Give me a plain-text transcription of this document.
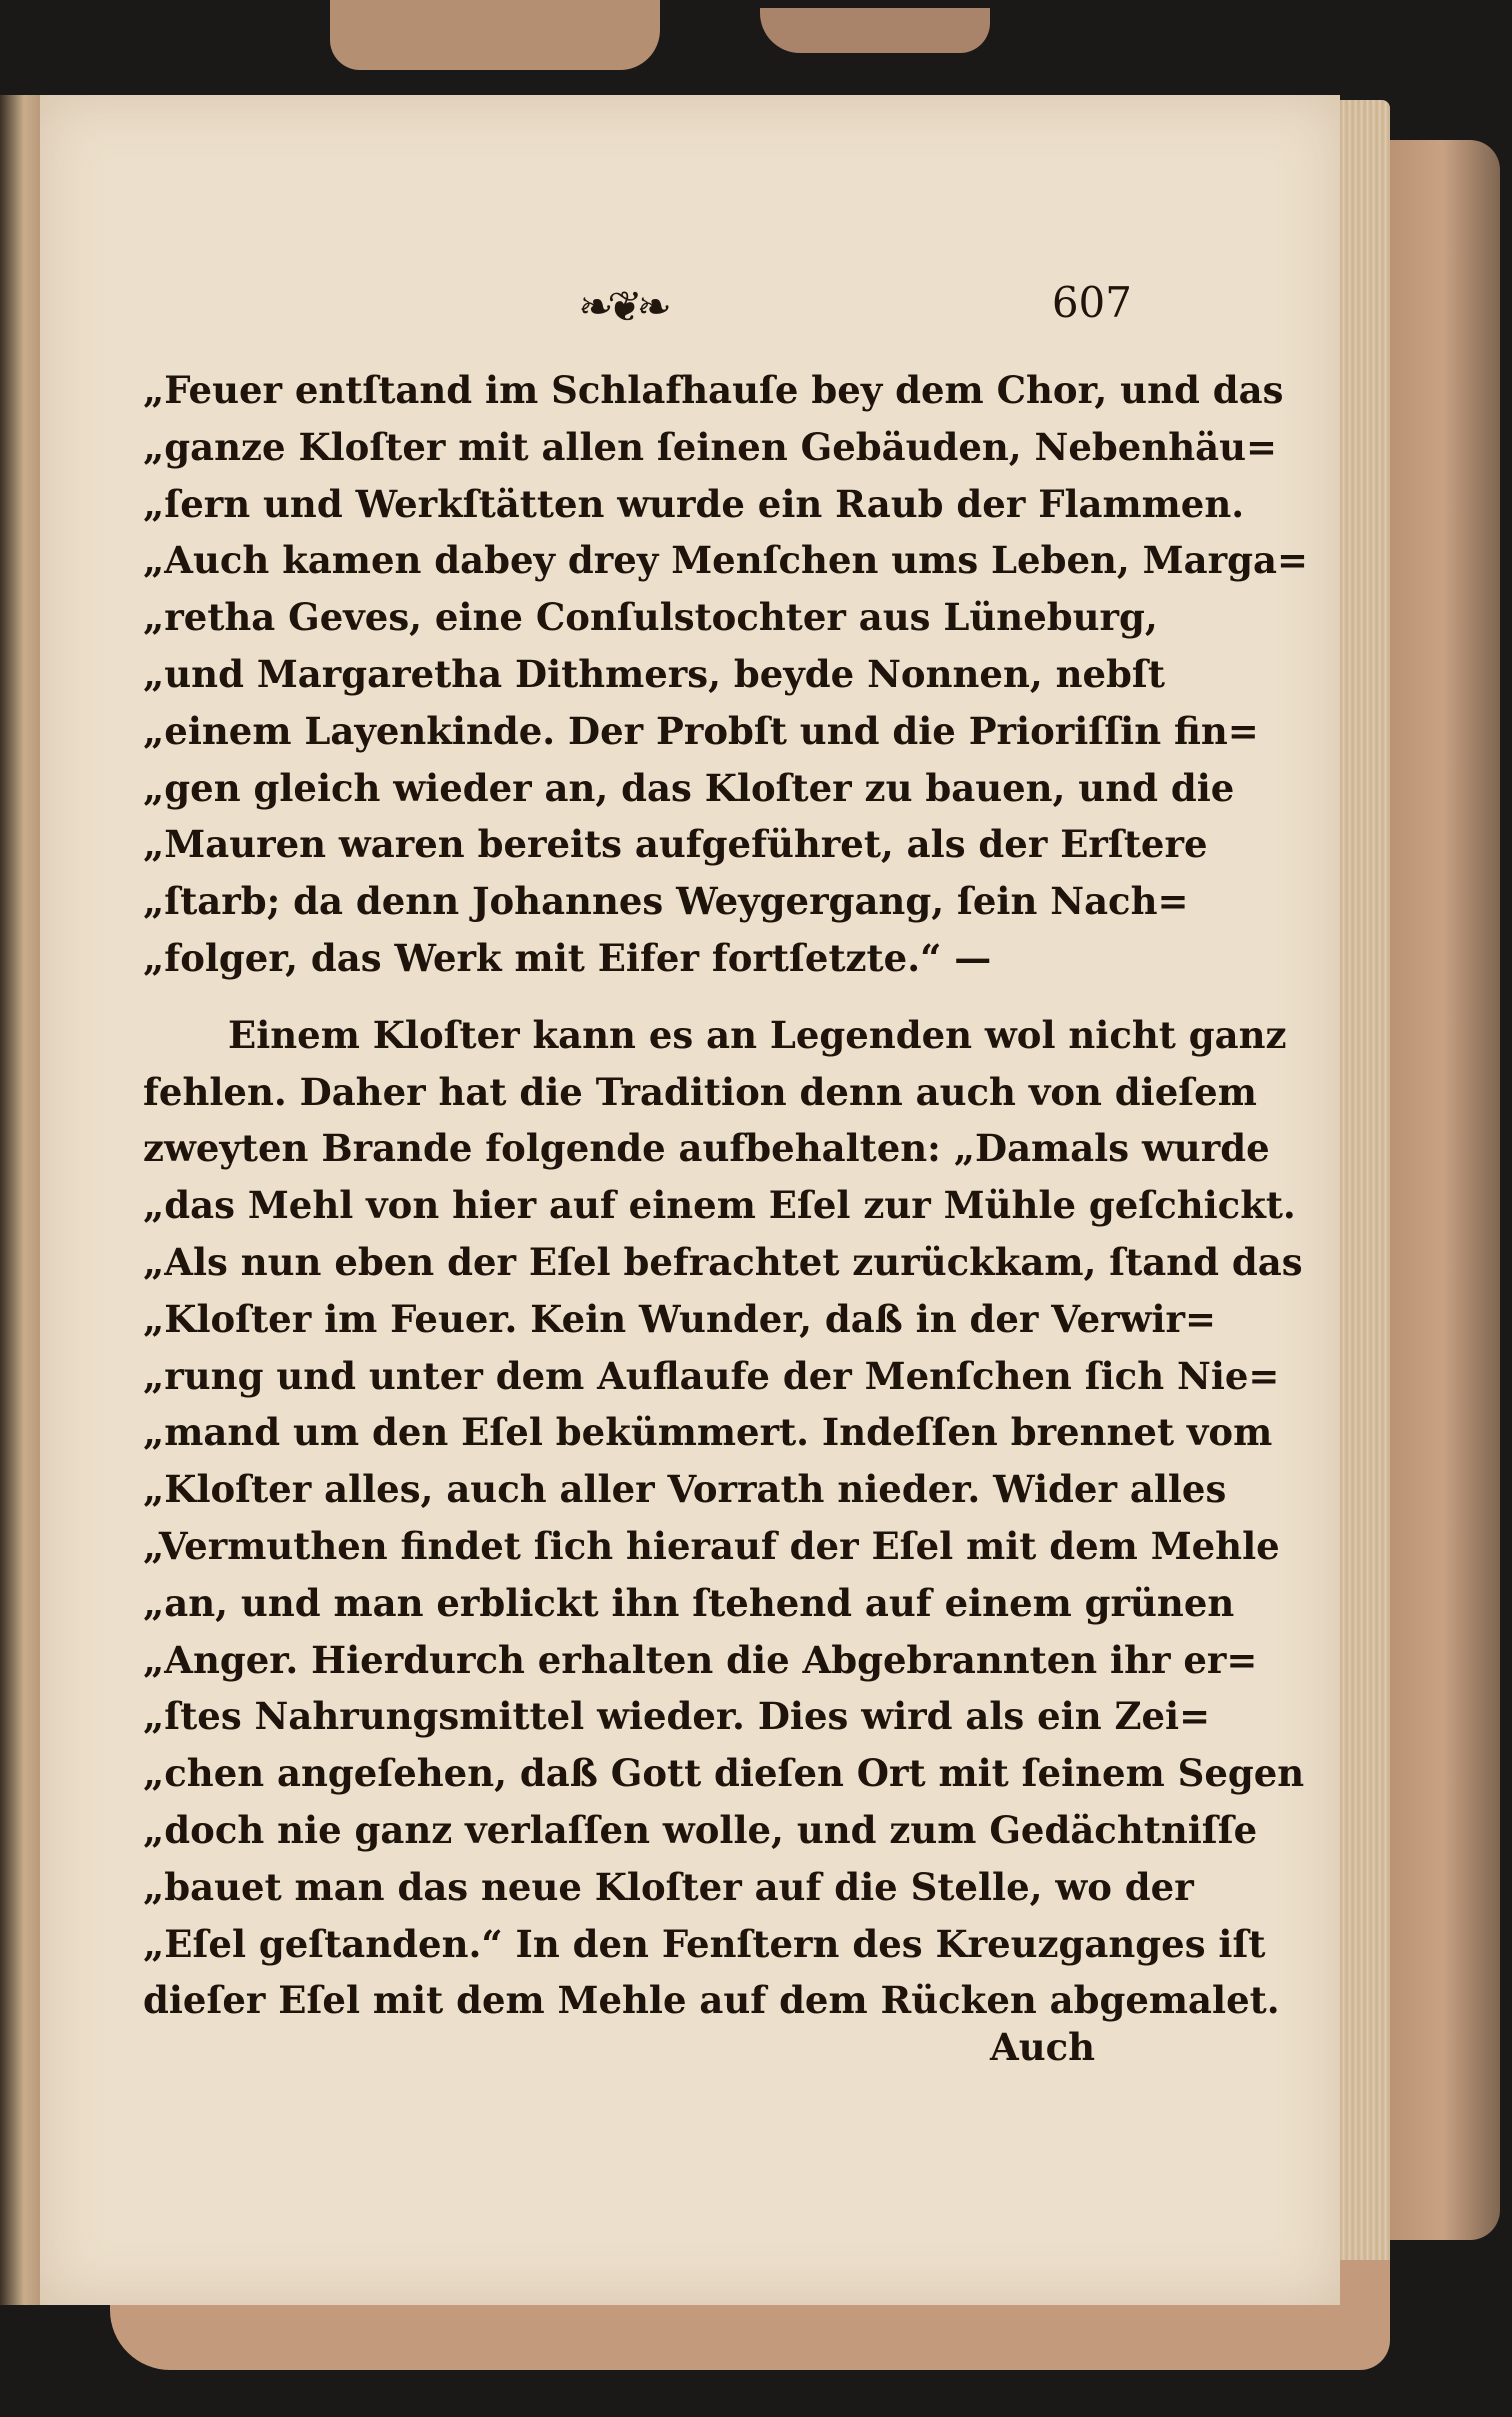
❧❦❧	607
„Feuer entſtand im Schlafhauſe bey dem Chor, und das
„ganze Kloſter mit allen ſeinen Gebäuden, Nebenhäu=
„ſern und Werkſtätten wurde ein Raub der Flammen.
„Auch kamen dabey drey Menſchen ums Leben, Marga=
„retha Geves, eine Conſulstochter aus Lüneburg,
„und Margaretha Dithmers, beyde Nonnen, nebſt
„einem Layenkinde. Der Probſt und die Prioriſſin fin=
„gen gleich wieder an, das Kloſter zu bauen, und die
„Mauren waren bereits aufgeführet, als der Erſtere
„ſtarb; da denn Johannes Weygergang, ſein Nach=
„folger, das Werk mit Eifer fortſetzte.“ —
Einem Kloſter kann es an Legenden wol nicht ganz
fehlen. Daher hat die Tradition denn auch von dieſem
zweyten Brande folgende aufbehalten: „Damals wurde
„das Mehl von hier auf einem Eſel zur Mühle geſchickt.
„Als nun eben der Eſel befrachtet zurückkam, ſtand das
„Kloſter im Feuer. Kein Wunder, daß in der Verwir=
„rung und unter dem Auflaufe der Menſchen ſich Nie=
„mand um den Eſel bekümmert. Indeſſen brennet vom
„Kloſter alles, auch aller Vorrath nieder. Wider alles
„Vermuthen findet ſich hierauf der Eſel mit dem Mehle
„an, und man erblickt ihn ſtehend auf einem grünen
„Anger. Hierdurch erhalten die Abgebrannten ihr er=
„ſtes Nahrungsmittel wieder. Dies wird als ein Zei=
„chen angeſehen, daß Gott dieſen Ort mit ſeinem Segen
„doch nie ganz verlaſſen wolle, und zum Gedächtniſſe
„bauet man das neue Kloſter auf die Stelle, wo der
„Eſel geſtanden.“ In den Fenſtern des Kreuzganges iſt
dieſer Eſel mit dem Mehle auf dem Rücken abgemalet.
Auch
